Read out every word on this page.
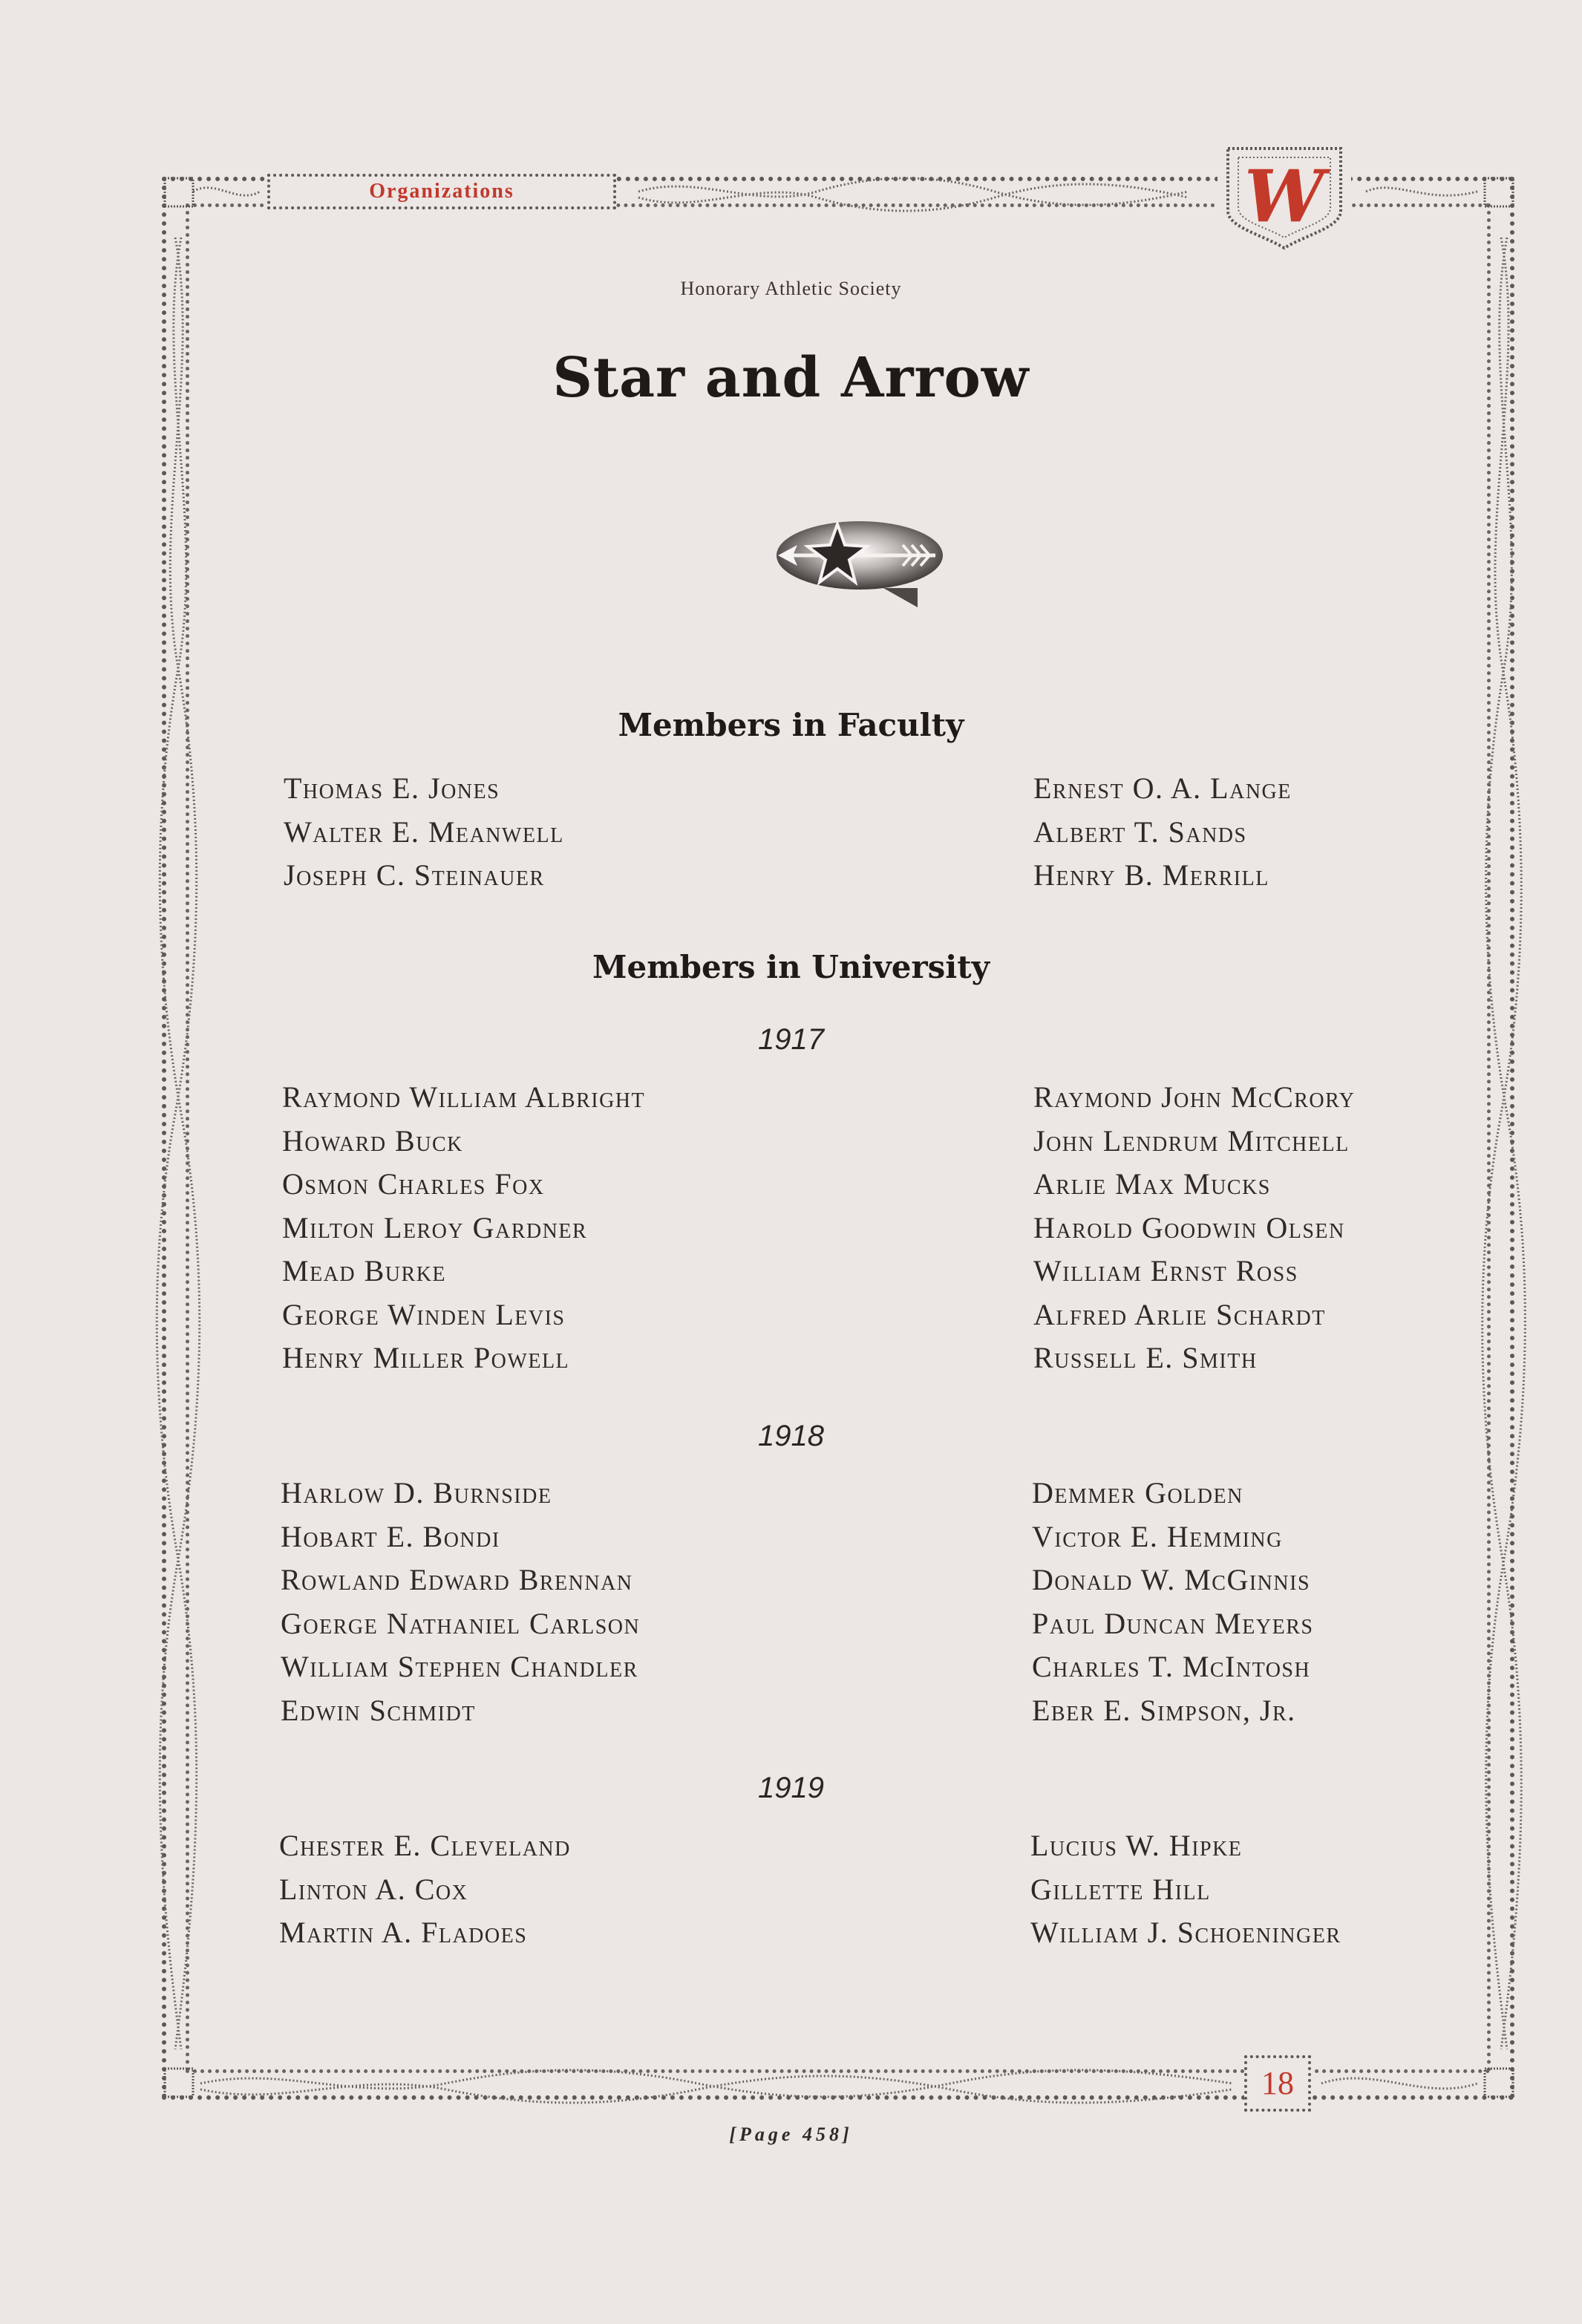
Organizations	W
Honorary Athletic Society
Star and Arrow
Members in Faculty
Thomas E. Jones
Walter E. Meanwell
Joseph C. Steinauer
Ernest O. A. Lange
Albert T. Sands
Henry B. Merrill
Members in University
1917
Raymond William Albright
Howard Buck
Osmon Charles Fox
Milton Leroy Gardner
Mead Burke
George Winden Levis
Henry Miller Powell
Raymond John McCrory
John Lendrum Mitchell
Arlie Max Mucks
Harold Goodwin Olsen
William Ernst Ross
Alfred Arlie Schardt
Russell E. Smith
1918
Harlow D. Burnside
Hobart E. Bondi
Rowland Edward Brennan
Goerge Nathaniel Carlson
William Stephen Chandler
Edwin Schmidt
Demmer Golden
Victor E. Hemming
Donald W. McGinnis
Paul Duncan Meyers
Charles T. McIntosh
Eber E. Simpson, Jr.
1919
Chester E. Cleveland
Linton A. Cox
Martin A. Fladoes
Lucius W. Hipke
Gillette Hill
William J. Schoeninger
18
[Page 458]
